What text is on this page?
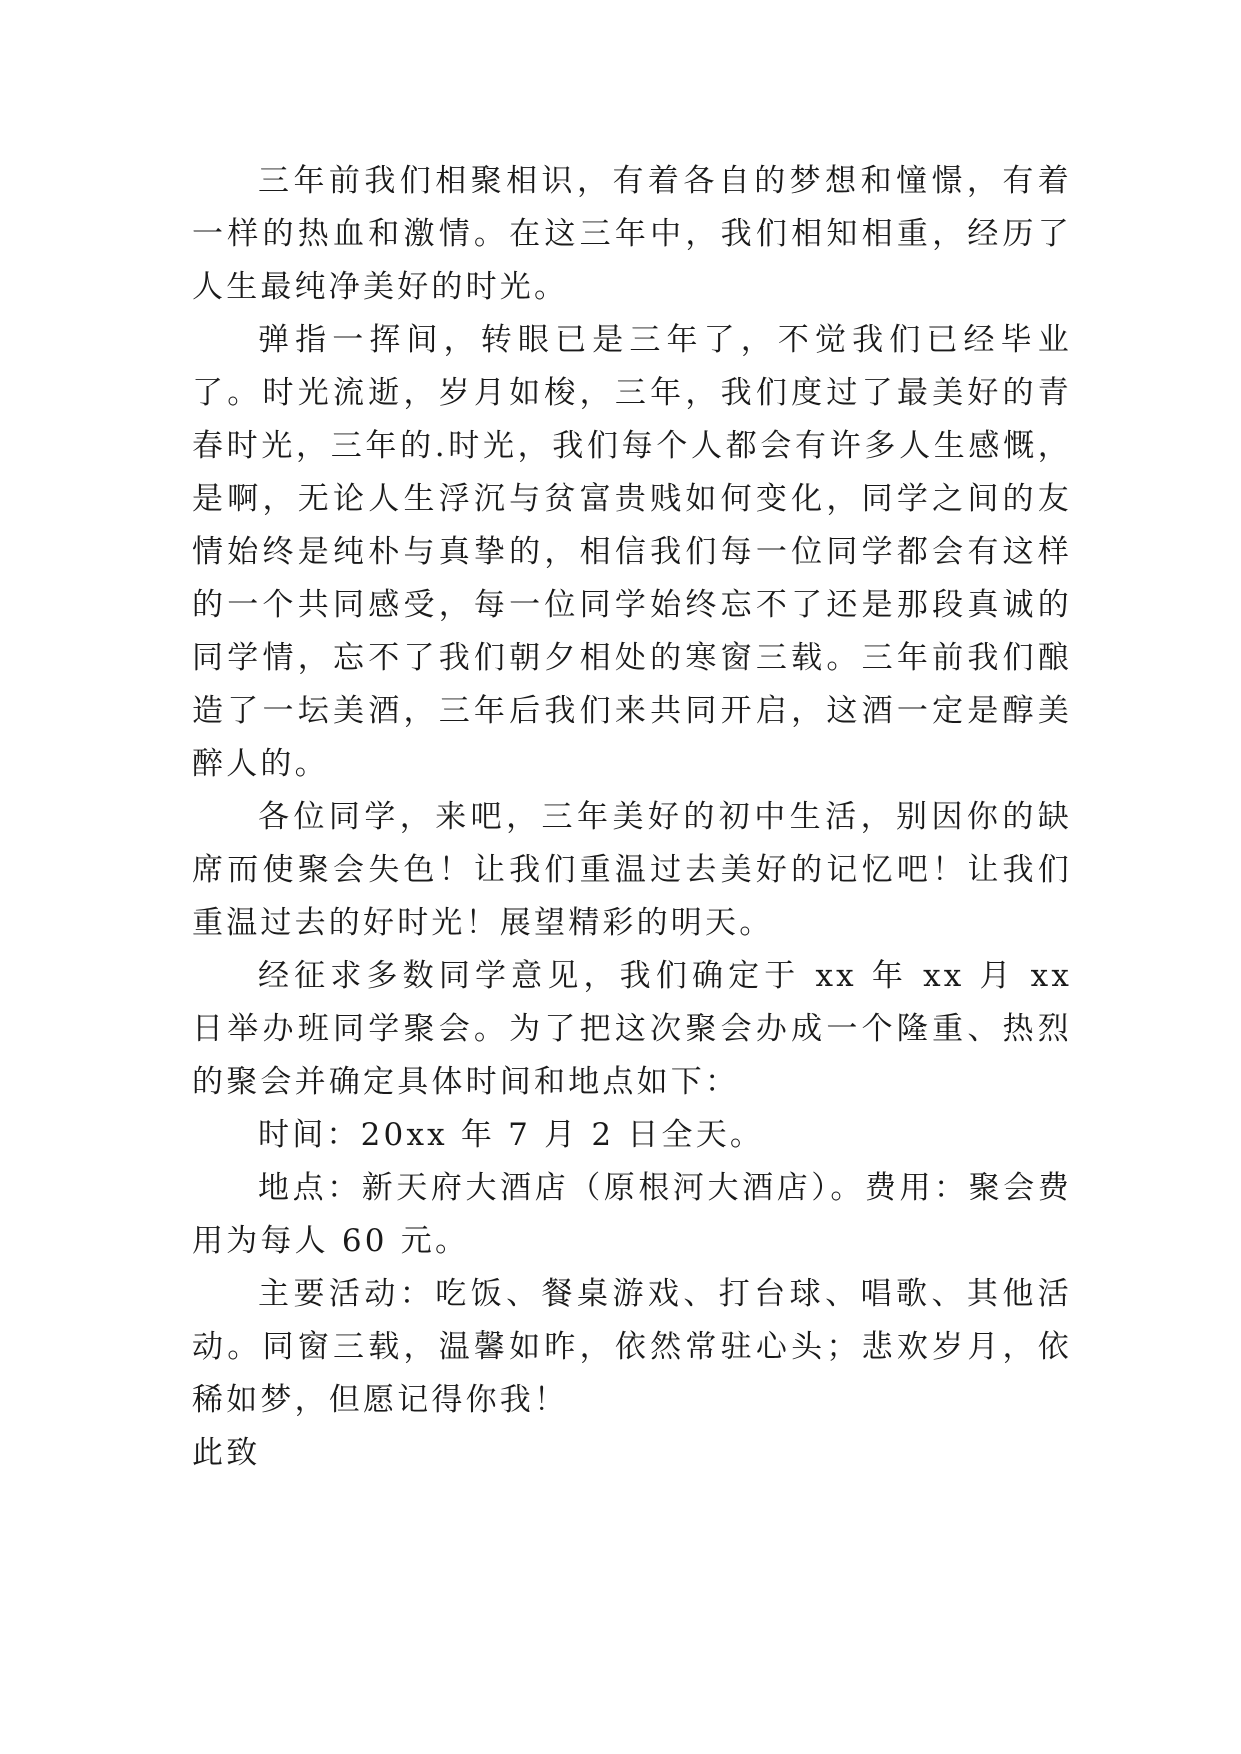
三年前我们相聚相识，有着各自的梦想和憧憬，有着一样的热血和激情。在这三年中，我们相知相重，经历了人生最纯净美好的时光。

弹指一挥间，转眼已是三年了，不觉我们已经毕业了。时光流逝，岁月如梭，三年，我们度过了最美好的青春时光，三年的.时光，我们每个人都会有许多人生感慨，是啊，无论人生浮沉与贫富贵贱如何变化，同学之间的友情始终是纯朴与真挚的，相信我们每一位同学都会有这样的一个共同感受，每一位同学始终忘不了还是那段真诚的同学情，忘不了我们朝夕相处的寒窗三载。三年前我们酿造了一坛美酒，三年后我们来共同开启，这酒一定是醇美醉人的。

各位同学，来吧，三年美好的初中生活，别因你的缺席而使聚会失色！让我们重温过去美好的记忆吧！让我们重温过去的好时光！展望精彩的明天。

经征求多数同学意见，我们确定于 xx 年 xx 月 xx 日举办班同学聚会。为了把这次聚会办成一个隆重、热烈的聚会并确定具体时间和地点如下：

时间：20xx 年 7 月 2 日全天。

地点：新天府大酒店（原根河大酒店）。费用：聚会费用为每人 60 元。

主要活动：吃饭、餐桌游戏、打台球、唱歌、其他活动。同窗三载，温馨如昨，依然常驻心头；悲欢岁月，依稀如梦，但愿记得你我！

此致
